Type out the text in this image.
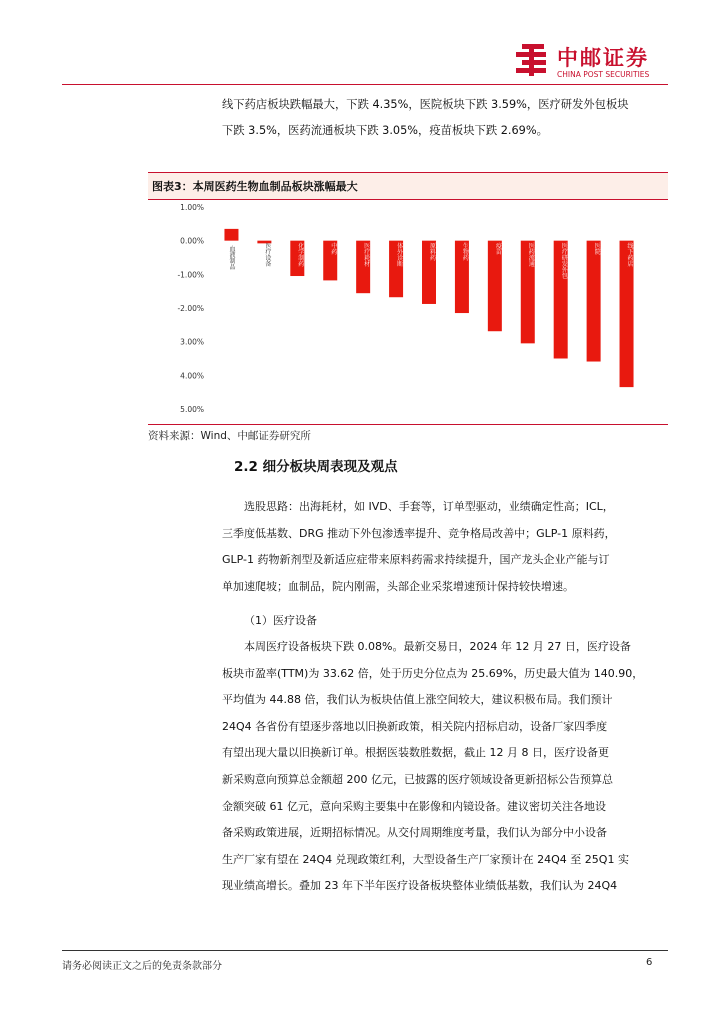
中邮证券
CHINA POST SECURITIES
线下药店板块跌幅最大，下跌 4.35%，医院板块下跌 3.59%，医疗研发外包板块
下跌 3.5%，医药流通板块下跌 3.05%，疫苗板块下跌 2.69%。
图表3：本周医药生物血制品板块涨幅最大
1.00%
0.00%
-1.00%
-2.00%
3.00%
4.00%
5.00%
血液制品	医疗设备	化学制药	中药	医疗耗材	体外诊断	原料药	生物药	疫苗	医药流通	医疗研发外包	医院	线下药店
资料来源：Wind、中邮证券研究所
2.2 细分板块周表现及观点

选股思路：出海耗材，如 IVD、手套等，订单型驱动，业绩确定性高；ICL，

三季度低基数、DRG 推动下外包渗透率提升、竞争格局改善中；GLP-1 原料药，

GLP-1 药物新剂型及新适应症带来原料药需求持续提升，国产龙头企业产能与订

单加速爬坡；血制品，院内刚需，头部企业采浆增速预计保持较快增速。

（1）医疗设备

本周医疗设备板块下跌 0.08%。最新交易日，2024 年 12 月 27 日，医疗设备

板块市盈率(TTM)为 33.62 倍，处于历史分位点为 25.69%，历史最大值为 140.90，

平均值为 44.88 倍，我们认为板块估值上涨空间较大，建议积极布局。我们预计

24Q4 各省份有望逐步落地以旧换新政策，相关院内招标启动，设备厂家四季度

有望出现大量以旧换新订单。根据医装数胜数据，截止 12 月 8 日，医疗设备更

新采购意向预算总金额超 200 亿元，已披露的医疗领域设备更新招标公告预算总

金额突破 61 亿元，意向采购主要集中在影像和内镜设备。建议密切关注各地设

备采购政策进展，近期招标情况。从交付周期维度考量，我们认为部分中小设备

生产厂家有望在 24Q4 兑现政策红利，大型设备生产厂家预计在 24Q4 至 25Q1 实

现业绩高增长。叠加 23 年下半年医疗设备板块整体业绩低基数，我们认为 24Q4

请务必阅读正文之后的免责条款部分	6
